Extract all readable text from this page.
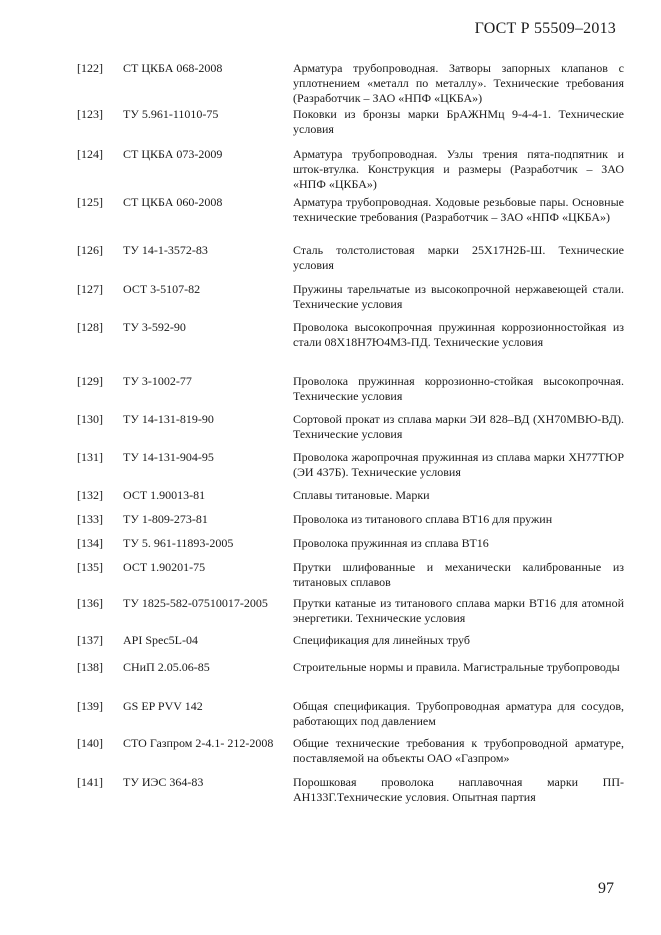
ГОСТ Р 55509–2013
[122] СТ ЦКБА 068-2008	Арматура трубопроводная. Затворы запорных клапанов с уплотнением «металл по металлу». Технические требования (Разработчик – ЗАО «НПФ «ЦКБА»)
[123] ТУ 5.961-11010-75	Поковки из бронзы марки БрАЖНМц 9-4-4-1. Технические условия
[124] СТ ЦКБА 073-2009	Арматура трубопроводная. Узлы трения пята-подпятник и шток-втулка. Конструкция и размеры (Разработчик – ЗАО «НПФ «ЦКБА»)
[125] СТ ЦКБА 060-2008	Арматура трубопроводная. Ходовые резьбовые пары. Основные технические требования (Разработчик – ЗАО «НПФ «ЦКБА»)
[126] ТУ 14-1-3572-83	Сталь толстолистовая марки 25Х17Н2Б-Ш. Технические условия
[127] ОСТ 3-5107-82	Пружины тарельчатые из высокопрочной нержавеющей стали. Технические условия
[128] ТУ 3-592-90	Проволока высокопрочная пружинная коррозионностойкая из стали 08Х18Н7Ю4М3-ПД. Технические условия
[129] ТУ 3-1002-77	Проволока пружинная коррозионно-стойкая высокопрочная. Технические условия
[130] ТУ 14-131-819-90	Сортовой прокат из сплава марки ЭИ 828–ВД (ХН70МВЮ-ВД). Технические условия
[131] ТУ 14-131-904-95	Проволока жаропрочная пружинная из сплава марки ХН77ТЮР (ЭИ 437Б). Технические условия
[132] ОСТ 1.90013-81	Сплавы титановые. Марки
[133] ТУ 1-809-273-81	Проволока из титанового сплава ВТ16 для пружин
[134] ТУ 5. 961-11893-2005	Проволока пружинная из сплава ВТ16
[135] ОСТ 1.90201-75	Прутки шлифованные и механически калиброванные из титановых сплавов
[136] ТУ 1825-582-07510017-2005	Прутки катаные из титанового сплава марки ВТ16 для атомной энергетики. Технические условия
[137] API Spec5L-04	Спецификация для линейных труб
[138] СНиП 2.05.06-85	Строительные нормы и правила. Магистральные трубопроводы
[139] GS EP PVV 142	Общая спецификация. Трубопроводная арматура для сосудов, работающих под давлением
[140] СТО Газпром 2-4.1- 212-2008	Общие технические требования к трубопроводной арматуре, поставляемой на объекты ОАО «Газпром»
[141] ТУ ИЭС 364-83	Порошковая проволока наплавочная марки ПП-АН133Г.Технические условия. Опытная партия
97
